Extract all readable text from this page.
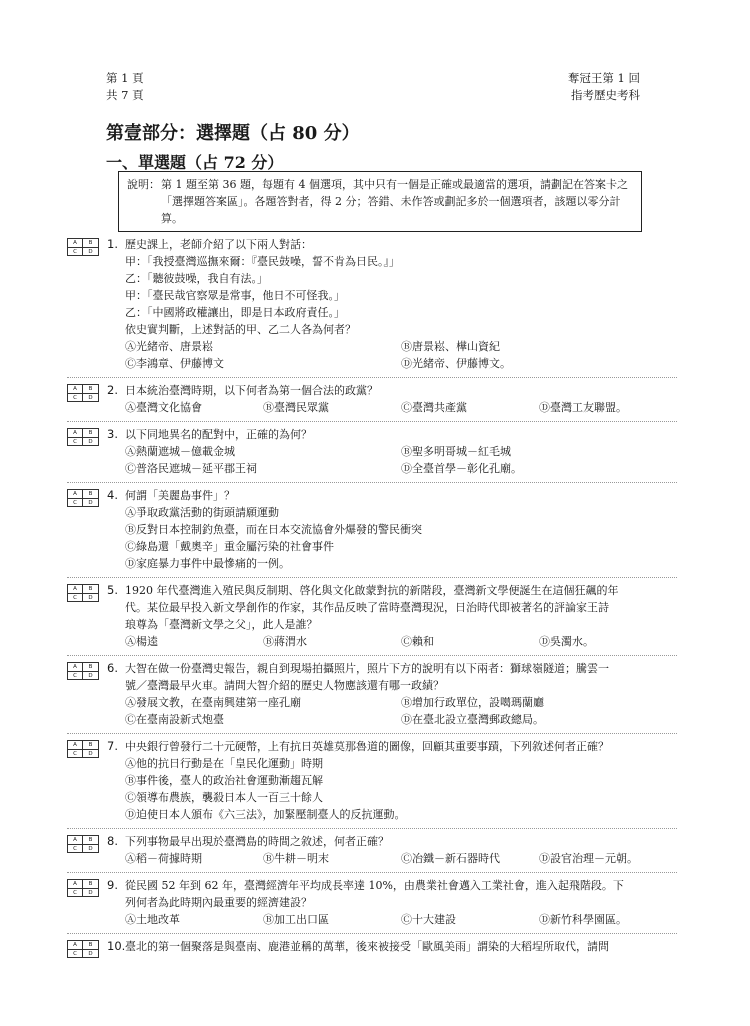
第 1 頁
共 7 頁
奪冠王第 1 回
指考歷史考科
第壹部分：選擇題（占 80 分）
一、單選題（占 72 分）
說明： 第 1 題至第 36 題，每題有 4 個選項，其中只有一個是正確或最適當的選項，請劃記在答案卡之「選擇題答案區」。各題答對者，得 2 分；答錯、未作答或劃記多於一個選項者，該題以零分計算。
A	B
C	D
1. 歷史課上，老師介紹了以下兩人對話：
甲：「我授臺灣巡撫來爾：『臺民鼓噪，誓不肯為日民。』」
乙：「聽彼鼓噪，我自有法。」
甲：「臺民哉官察眾是常事，他日不可怪我。」
乙：「中國將政權讓出，即是日本政府責任。」
依史實判斷，上述對話的甲、乙二人各為何者？
Ⓐ光緒帝、唐景崧	Ⓑ唐景崧、樺山資紀
Ⓒ李鴻章、伊藤博文	Ⓓ光緒帝、伊藤博文。
A	B
C	D
2. 日本統治臺灣時期，以下何者為第一個合法的政黨？
Ⓐ臺灣文化協會	Ⓑ臺灣民眾黨	Ⓒ臺灣共產黨	Ⓓ臺灣工友聯盟。
A	B
C	D
3. 以下同地異名的配對中，正確的為何？
Ⓐ熱蘭遮城－億載金城	Ⓑ聖多明哥城－紅毛城
Ⓒ普洛民遮城－延平郡王祠	Ⓓ全臺首學－彰化孔廟。
A	B
C	D
4. 何謂「美麗島事件」？
Ⓐ爭取政黨活動的街頭請願運動
Ⓑ反對日本控制釣魚臺，而在日本交流協會外爆發的警民衝突
Ⓒ綠島還「戴奧辛」重金屬污染的社會事件
Ⓓ家庭暴力事件中最慘痛的一例。
A	B
C	D
5. 1920 年代臺灣進入殖民與反制期、啓化與文化啟蒙對抗的新階段，臺灣新文學便誕生在這個狂飆的年
代。某位最早投入新文學創作的作家，其作品反映了當時臺灣現況，日治時代即被著名的評論家王詩
琅尊為「臺灣新文學之父」，此人是誰？
Ⓐ楊逵	Ⓑ蔣渭水	Ⓒ賴和	Ⓓ吳濁水。
A	B
C	D
6. 大智在做一份臺灣史報告，親自到現場拍攝照片，照片下方的說明有以下兩者：獅球嶺隧道；騰雲一
號／臺灣最早火車。請問大智介紹的歷史人物應該還有哪一政績？
Ⓐ發展文教，在臺南興建第一座孔廟	Ⓑ增加行政單位，設噶瑪蘭廳
Ⓒ在臺南設新式炮臺	Ⓓ在臺北設立臺灣郵政總局。
A	B
C	D
7. 中央銀行曾發行二十元硬幣，上有抗日英雄莫那魯道的圖像，回顧其重要事蹟，下列敘述何者正確？
Ⓐ他的抗日行動是在「皇民化運動」時期
Ⓑ事件後，臺人的政治社會運動漸趨瓦解
Ⓒ領導布農族，襲殺日本人一百三十餘人
Ⓓ迫使日本人頒布《六三法》，加緊壓制臺人的反抗運動。
A	B
C	D
8. 下列事物最早出現於臺灣島的時間之敘述，何者正確？
Ⓐ稻－荷據時期	Ⓑ牛耕－明末	Ⓒ冶鐵－新石器時代	Ⓓ設官治理－元朝。
A	B
C	D
9. 從民國 52 年到 62 年，臺灣經濟年平均成長率達 10%，由農業社會邁入工業社會，進入起飛階段。下
列何者為此時期內最重要的經濟建設？
Ⓐ土地改革	Ⓑ加工出口區	Ⓒ十大建設	Ⓓ新竹科學園區。
A	B
C	D
10. 臺北的第一個聚落是與臺南、鹿港並稱的萬華，後來被接受「歐風美雨」謂染的大稻埕所取代，請問
